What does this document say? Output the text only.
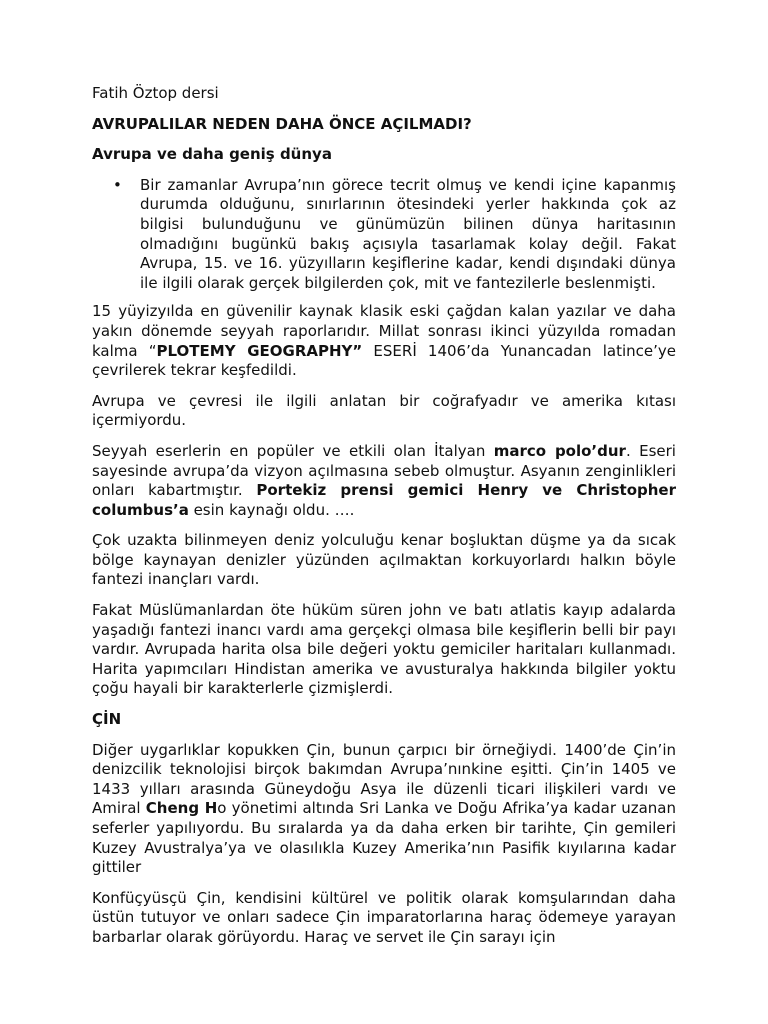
Fatih Öztop dersi

AVRUPALILAR NEDEN DAHA ÖNCE AÇILMADI?

Avrupa ve daha geniş dünya

•	Bir zamanlar Avrupa’nın görece tecrit olmuş ve kendi içine kapanmış durumda olduğunu, sınırlarının ötesindeki yerler hakkında çok az bilgisi bulunduğunu ve günümüzün bilinen dünya haritasının olmadığını bugünkü bakış açısıyla tasarlamak kolay değil. Fakat Avrupa, 15. ve 16. yüzyılların keşiflerine kadar, kendi dışındaki dünya ile ilgili olarak gerçek bilgilerden çok, mit ve fantezilerle beslenmişti.

15 yüyizyılda en güvenilir kaynak klasik eski çağdan kalan yazılar ve daha yakın dönemde seyyah raporlarıdır. Millat sonrası ikinci yüzyılda romadan kalma “PLOTEMY GEOGRAPHY” ESERİ 1406’da Yunancadan latince’ye çevrilerek tekrar keşfedildi.

Avrupa ve çevresi ile ilgili anlatan bir coğrafyadır ve amerika kıtası içermiyordu.

Seyyah eserlerin en popüler ve etkili olan İtalyan marco polo’dur. Eseri sayesinde avrupa’da vizyon açılmasına sebeb olmuştur. Asyanın zenginlikleri onları kabartmıştır. Portekiz prensi gemici Henry ve Christopher columbus’a esin kaynağı oldu. ….

Çok uzakta bilinmeyen deniz yolculuğu kenar boşluktan düşme ya da sıcak bölge kaynayan denizler yüzünden açılmaktan korkuyorlardı halkın böyle fantezi inançları vardı.

Fakat Müslümanlardan öte hüküm süren john ve batı atlatis kayıp adalarda yaşadığı fantezi inancı vardı ama gerçekçi olmasa bile keşiflerin belli bir payı vardır. Avrupada harita olsa bile değeri yoktu gemiciler haritaları kullanmadı. Harita yapımcıları Hindistan amerika ve avusturalya hakkında bilgiler yoktu çoğu hayali bir karakterlerle çizmişlerdi.

ÇİN

Diğer uygarlıklar kopukken Çin, bunun çarpıcı bir örneğiydi. 1400’de Çin’in denizcilik teknolojisi birçok bakımdan Avrupa’nınkine eşitti. Çin’in 1405 ve 1433 yılları arasında Güneydoğu Asya ile düzenli ticari ilişkileri vardı ve Amiral Cheng Ho yönetimi altında Sri Lanka ve Doğu Afrika’ya kadar uzanan seferler yapılıyordu. Bu sıralarda ya da daha erken bir tarihte, Çin gemileri Kuzey Avustralya’ya ve olasılıkla Kuzey Amerika’nın Pasifik kıyılarına kadar gittiler

Konfüçyüsçü Çin, kendisini kültürel ve politik olarak komşularından daha üstün tutuyor ve onları sadece Çin imparatorlarına haraç ödemeye yarayan barbarlar olarak görüyordu. Haraç ve servet ile Çin sarayı için
